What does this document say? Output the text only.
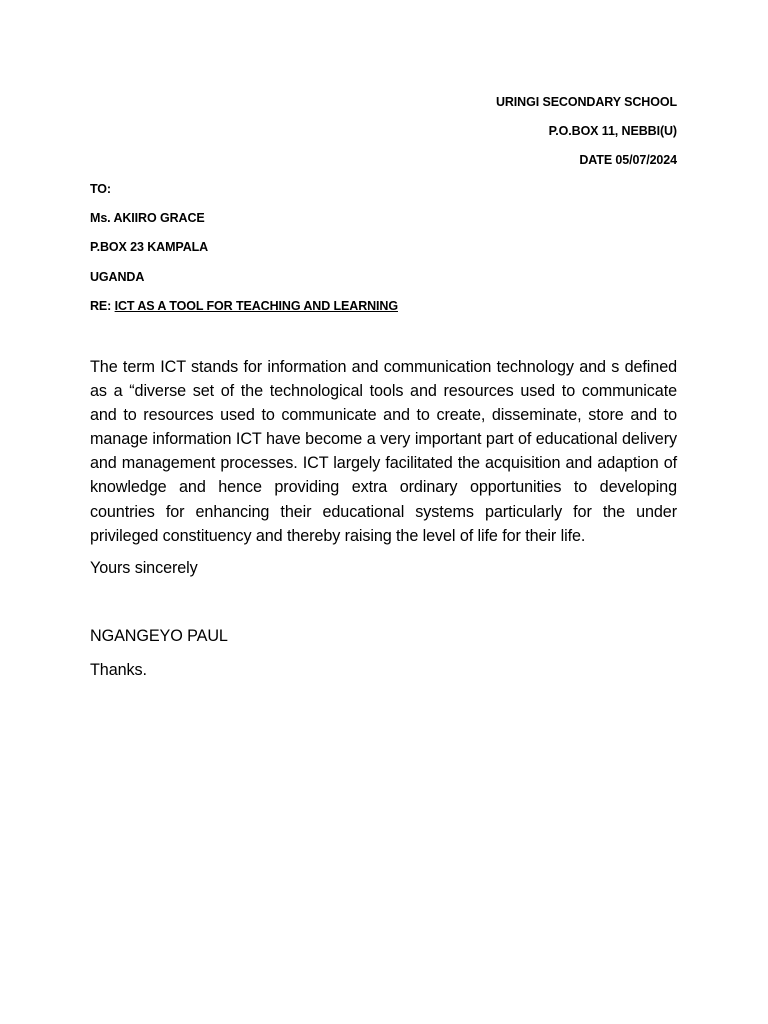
URINGI SECONDARY SCHOOL
P.O.BOX 11, NEBBI(U)
DATE 05/07/2024
TO:
Ms. AKIIRO GRACE
P.BOX 23 KAMPALA
UGANDA
RE: ICT AS A TOOL FOR TEACHING AND LEARNING
The term ICT stands for information and communication technology and s defined as a “diverse set of the technological tools and resources used to communicate and to resources used to communicate and to create, disseminate, store and to manage information ICT have become a very important part of educational delivery and management processes. ICT largely facilitated the acquisition and adaption of knowledge and hence providing extra ordinary opportunities to developing countries for enhancing their educational systems particularly for the under privileged constituency and thereby raising the level of life for their life.
Yours sincerely
NGANGEYO PAUL
Thanks.
